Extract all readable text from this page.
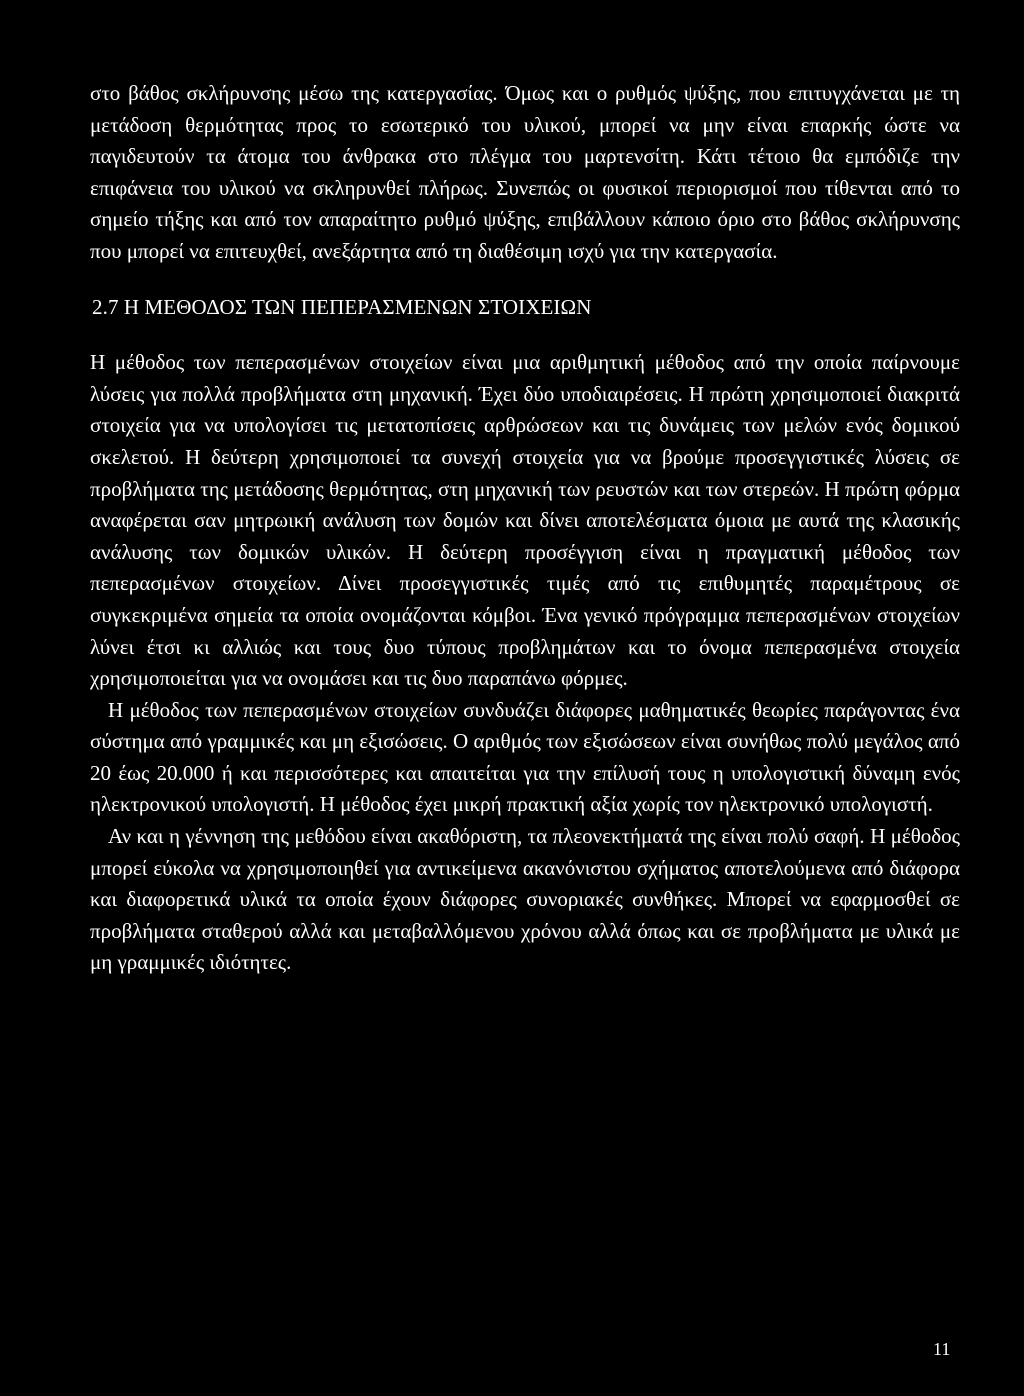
στο βάθος σκλήρυνσης μέσω της κατεργασίας. Όμως και ο ρυθμός ψύξης, που επιτυγχάνεται με τη μετάδοση θερμότητας προς το εσωτερικό του υλικού, μπορεί να μην είναι επαρκής ώστε να παγιδευτούν τα άτομα του άνθρακα στο πλέγμα του μαρτενσίτη. Κάτι τέτοιο θα εμπόδιζε την επιφάνεια του υλικού να σκληρυνθεί πλήρως. Συνεπώς οι φυσικοί περιορισμοί που τίθενται από το σημείο τήξης και από τον απαραίτητο ρυθμό ψύξης, επιβάλλουν κάποιο όριο στο βάθος σκλήρυνσης που μπορεί να επιτευχθεί, ανεξάρτητα από τη διαθέσιμη ισχύ για την κατεργασία.

2.7 Η ΜΕΘΟΔΟΣ ΤΩΝ ΠΕΠΕΡΑΣΜΕΝΩΝ ΣΤΟΙΧΕΙΩΝ

Η μέθοδος των πεπερασμένων στοιχείων είναι μια αριθμητική μέθοδος από την οποία παίρνουμε λύσεις για πολλά προβλήματα στη μηχανική. Έχει δύο υποδιαιρέσεις. Η πρώτη χρησιμοποιεί διακριτά στοιχεία για να υπολογίσει τις μετατοπίσεις αρθρώσεων και τις δυνάμεις των μελών ενός δομικού σκελετού. Η δεύτερη χρησιμοποιεί τα συνεχή στοιχεία για να βρούμε προσεγγιστικές λύσεις σε προβλήματα της μετάδοσης θερμότητας, στη μηχανική των ρευστών και των στερεών. Η πρώτη φόρμα αναφέρεται σαν μητρωική ανάλυση των δομών και δίνει αποτελέσματα όμοια με αυτά της κλασικής ανάλυσης των δομικών υλικών. Η δεύτερη προσέγγιση είναι η πραγματική μέθοδος των πεπερασμένων στοιχείων. Δίνει προσεγγιστικές τιμές από τις επιθυμητές παραμέτρους σε συγκεκριμένα σημεία τα οποία ονομάζονται κόμβοι. Ένα γενικό πρόγραμμα πεπερασμένων στοιχείων λύνει έτσι κι αλλιώς και τους δυο τύπους προβλημάτων και το όνομα πεπερασμένα στοιχεία χρησιμοποιείται για να ονομάσει και τις δυο παραπάνω φόρμες.

Η μέθοδος των πεπερασμένων στοιχείων συνδυάζει διάφορες μαθηματικές θεωρίες παράγοντας ένα σύστημα από γραμμικές και μη εξισώσεις. Ο αριθμός των εξισώσεων είναι συνήθως πολύ μεγάλος από 20 έως 20.000 ή και περισσότερες και απαιτείται για την επίλυσή τους η υπολογιστική δύναμη ενός ηλεκτρονικού υπολογιστή. Η μέθοδος έχει μικρή πρακτική αξία χωρίς τον ηλεκτρονικό υπολογιστή.

Αν και η γέννηση της μεθόδου είναι ακαθόριστη, τα πλεονεκτήματά της είναι πολύ σαφή. Η μέθοδος μπορεί εύκολα να χρησιμοποιηθεί για αντικείμενα ακανόνιστου σχήματος αποτελούμενα από διάφορα και διαφορετικά υλικά τα οποία έχουν διάφορες συνοριακές συνθήκες. Μπορεί να εφαρμοσθεί σε προβλήματα σταθερού αλλά και μεταβαλλόμενου χρόνου αλλά όπως και σε προβλήματα με υλικά με μη γραμμικές ιδιότητες.

11
